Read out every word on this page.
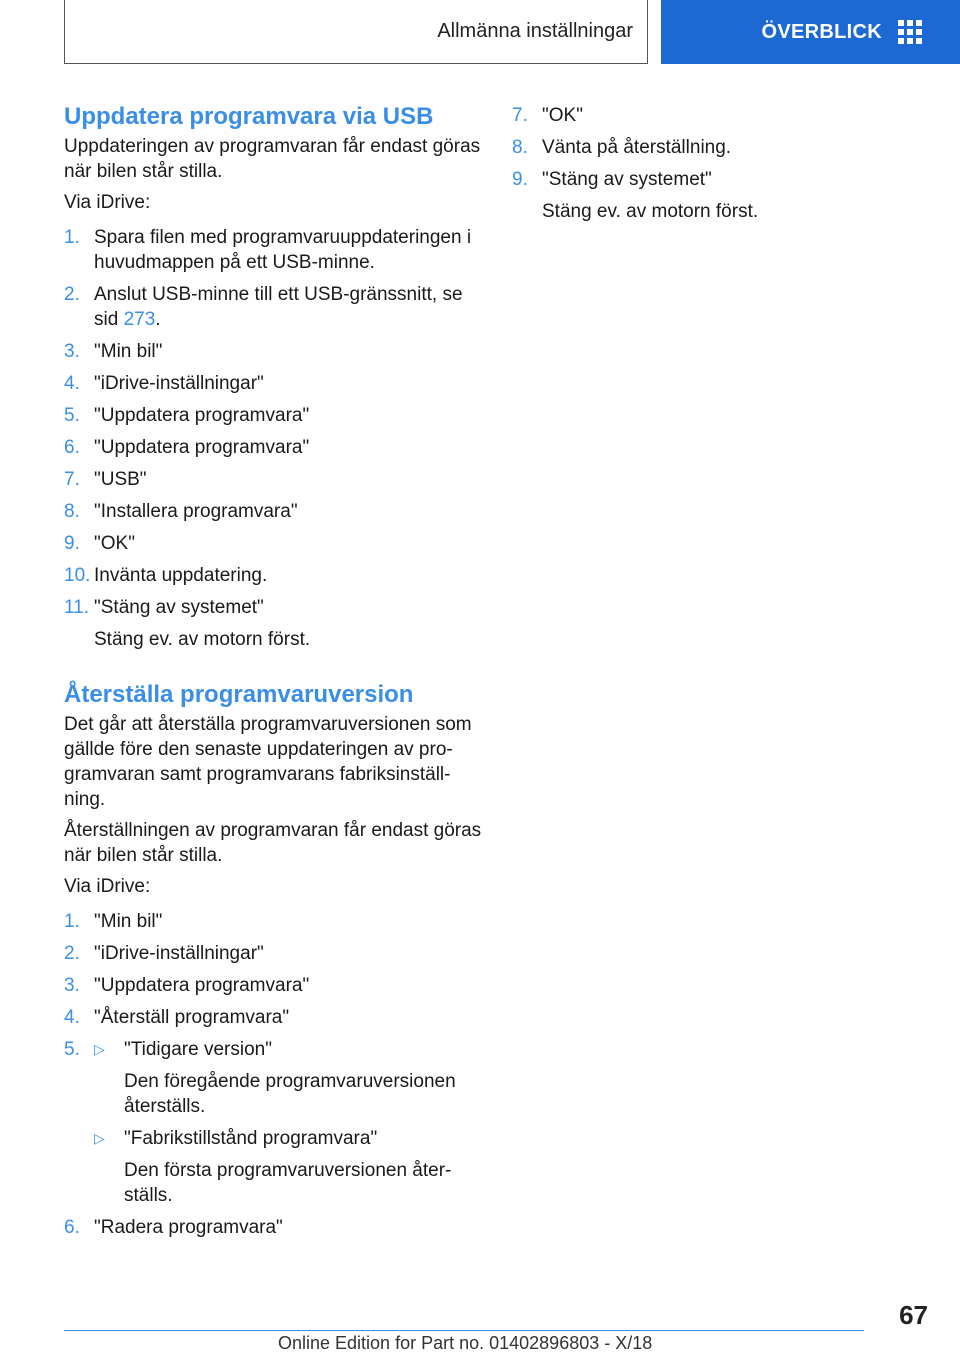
Allmänna inställningar	ÖVERBLICK
Uppdatera programvara via USB

Uppdateringen av programvaran får endast göras när bilen står stilla.

Via iDrive:

1. Spara filen med programvaruuppdateringen i huvudmappen på ett USB-minne.
2. Anslut USB-minne till ett USB-gränssnitt, se sid 273.
3. "Min bil"
4. "iDrive-inställningar"
5. "Uppdatera programvara"
6. "Uppdatera programvara"
7. "USB"
8. "Installera programvara"
9. "OK"
10. Invänta uppdatering.
11. "Stäng av systemet"
Stäng ev. av motorn först.
Återställa programvaruversion

Det går att återställa programvaruversionen som gällde före den senaste uppdateringen av programvaran samt programvarans fabriksinställning.

Återställningen av programvaran får endast göras när bilen står stilla.

Via iDrive:

1. "Min bil"
2. "iDrive-inställningar"
3. "Uppdatera programvara"
4. "Återställ programvara"
5. ▷ "Tidigare version"
Den föregående programvaruversionen återställs.
▷ "Fabrikstillstånd programvara"
Den första programvaruversionen återställs.
6. "Radera programvara"
7. "OK"
8. Vänta på återställning.
9. "Stäng av systemet"
Stäng ev. av motorn först.
67
Online Edition for Part no. 01402896803 - X/18
